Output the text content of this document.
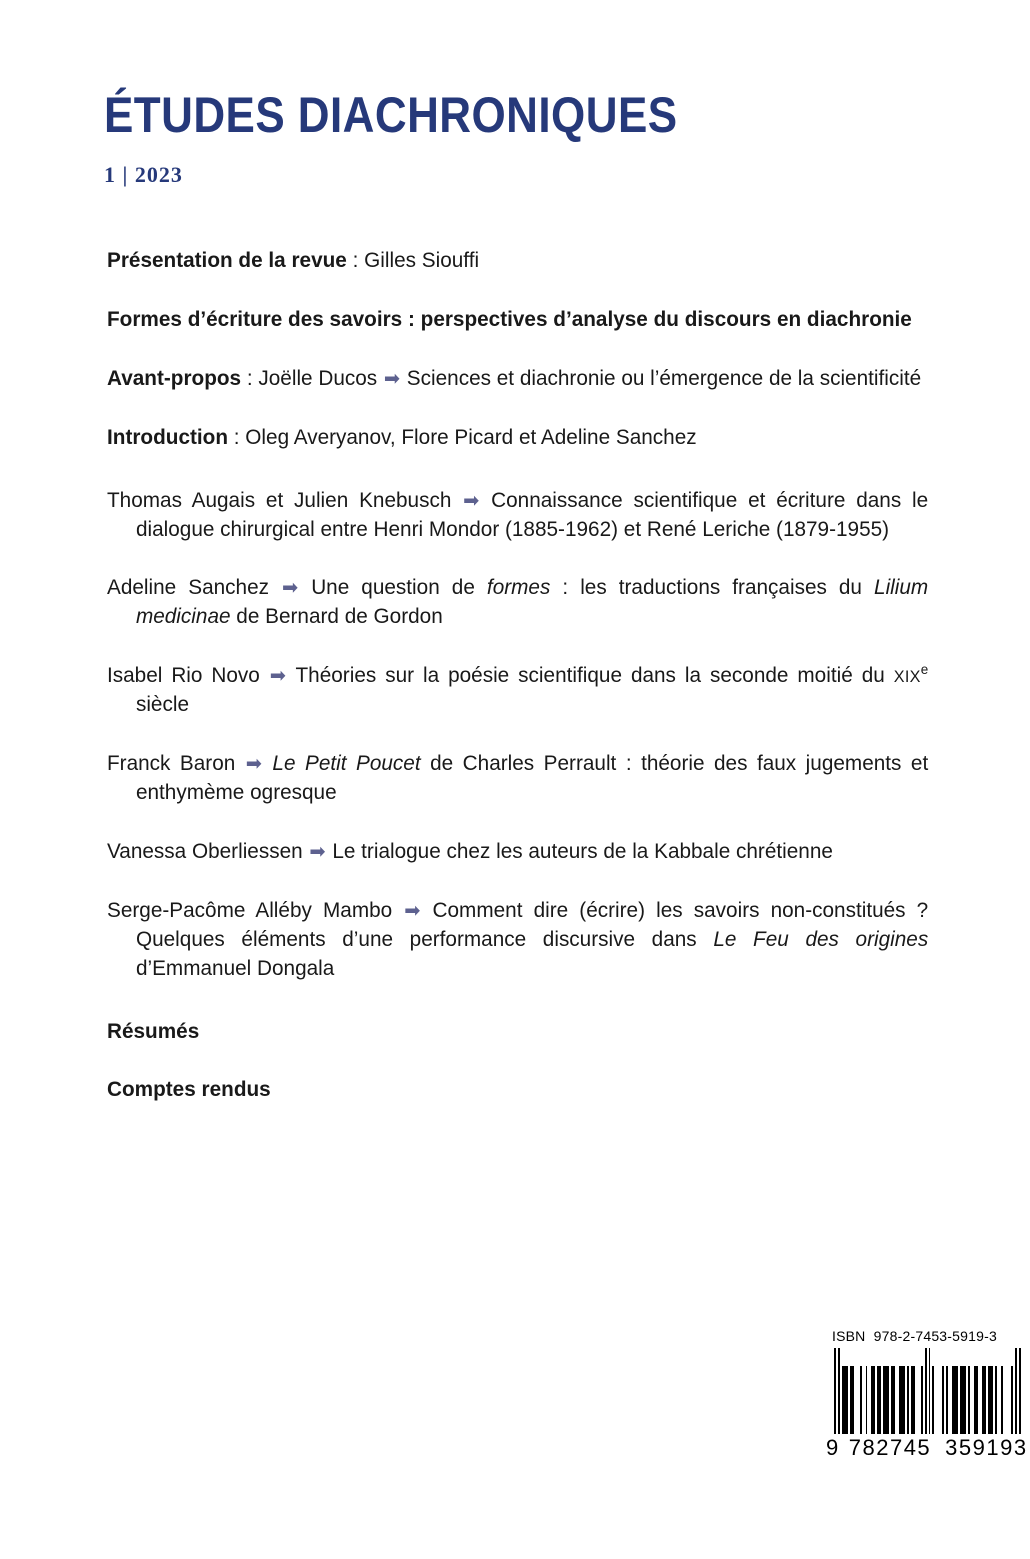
ÉTUDES DIACHRONIQUES
1 | 2023

Présentation de la revue : Gilles Siouffi

Formes d’écriture des savoirs : perspectives d’analyse du discours en diachronie

Avant-propos : Joëlle Ducos ➡ Sciences et diachronie ou l’émergence de la scientificité

Introduction : Oleg Averyanov, Flore Picard et Adeline Sanchez

Thomas Augais et Julien Knebusch ➡ Connaissance scientifique et écriture dans le dialogue chirurgical entre Henri Mondor (1885-1962) et René Leriche (1879-1955)

Adeline Sanchez ➡ Une question de formes : les traductions françaises du Lilium medicinae de Bernard de Gordon

Isabel Rio Novo ➡ Théories sur la poésie scientifique dans la seconde moitié du XIXe siècle

Franck Baron ➡ Le Petit Poucet de Charles Perrault : théorie des faux jugements et enthymème ogresque

Vanessa Oberliessen ➡ Le trialogue chez les auteurs de la Kabbale chrétienne

Serge-Pacôme Alléby Mambo ➡ Comment dire (écrire) les savoirs non-constitués ? Quelques éléments d’une performance discursive dans Le Feu des origines d’Emmanuel Dongala

Résumés

Comptes rendus

ISBN 978-2-7453-5919-3
9 782745 359193
